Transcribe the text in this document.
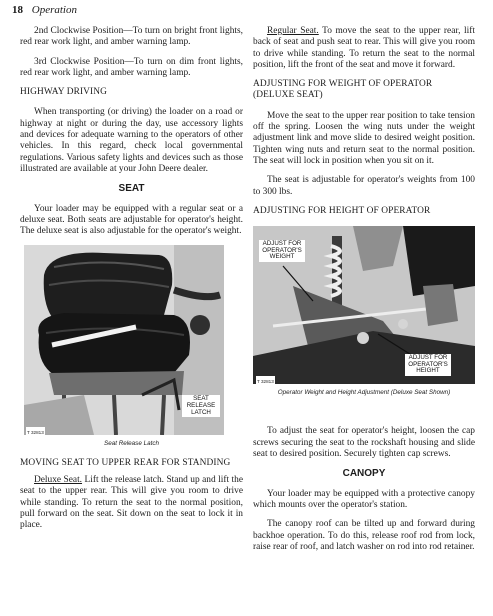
18 Operation

2nd Clockwise Position—To turn on bright front lights, red rear work light, and amber warning lamp.

3rd Clockwise Position—To turn on dim front lights, red rear work light, and amber warning lamp.

HIGHWAY DRIVING

When transporting (or driving) the loader on a road or highway at night or during the day, use accessory lights and devices for adequate warning to the operators of other vehicles. In this regard, check local governmental regulations. Various safety lights and devices such as those illustrated are available at your John Deere dealer.

SEAT

Your loader may be equipped with a regular seat or a deluxe seat. Both seats are adjustable for operator's height. The deluxe seat is also adjustable for the operator's weight.

SEAT RELEASE LATCH
T 32813
Seat Release Latch
MOVING SEAT TO UPPER REAR FOR STANDING

Deluxe Seat. Lift the release latch. Stand up and lift the seat to the upper rear. This will give you room to drive while standing. To return the seat to the normal position, pull forward on the seat. Sit down on the seat to lock it in place.

Regular Seat. To move the seat to the upper rear, lift back of seat and push seat to rear. This will give you room to drive while standing. To return the seat to the normal position, lift the front of the seat and move it forward.

ADJUSTING FOR WEIGHT OF OPERATOR (DELUXE SEAT)

Move the seat to the upper rear position to take tension off the spring. Loosen the wing nuts under the weight adjustment link and move slide to desired weight position. Tighten wing nuts and return seat to the normal position. The seat will lock in position when you sit on it.

The seat is adjustable for operator's weights from 100 to 300 lbs.

ADJUSTING FOR HEIGHT OF OPERATOR
ADJUST FOR OPERATOR'S WEIGHT
ADJUST FOR OPERATOR'S HEIGHT
T 32813
Operator Weight and Height Adjustment (Deluxe Seat Shown)

To adjust the seat for operator's height, loosen the cap screws securing the seat to the rockshaft housing and slide seat to desired position. Securely tighten cap screws.

CANOPY

Your loader may be equipped with a protective canopy which mounts over the operator's station.

The canopy roof can be tilted up and forward during backhoe operation. To do this, release roof rod from lock, raise rear of roof, and latch washer on rod into rod retainer.
